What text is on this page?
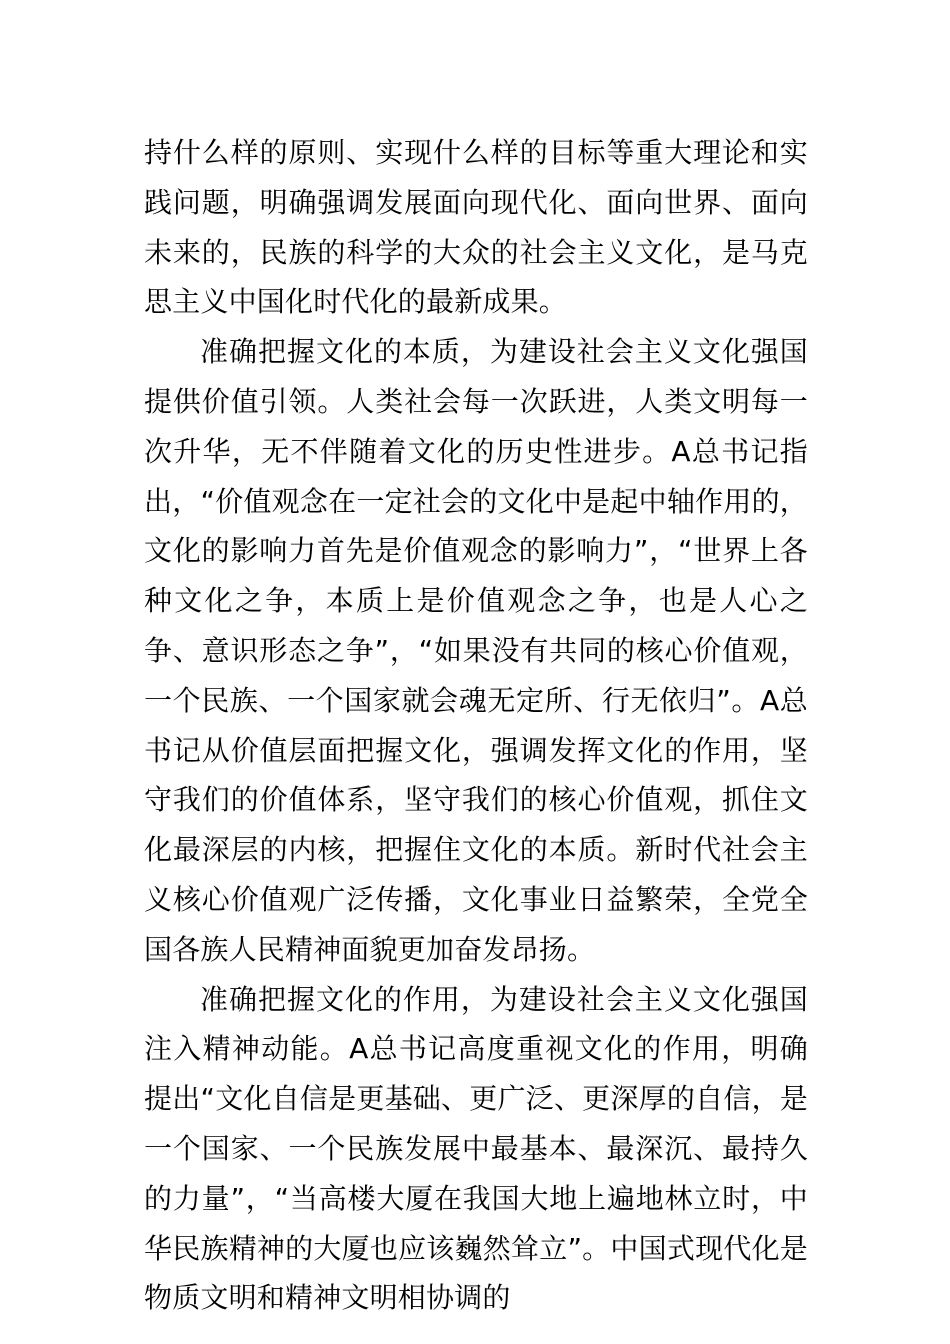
持什么样的原则、实现什么样的目标等重大理论和实践问题，明确强调发展面向现代化、面向世界、面向未来的，民族的科学的大众的社会主义文化，是马克思主义中国化时代化的最新成果。

准确把握文化的本质，为建设社会主义文化强国提供价值引领。人类社会每一次跃进，人类文明每一次升华，无不伴随着文化的历史性进步。A总书记指出，“价值观念在一定社会的文化中是起中轴作用的，文化的影响力首先是价值观念的影响力”，“世界上各种文化之争，本质上是价值观念之争，也是人心之争、意识形态之争”，“如果没有共同的核心价值观，一个民族、一个国家就会魂无定所、行无依归”。A总书记从价值层面把握文化，强调发挥文化的作用，坚守我们的价值体系，坚守我们的核心价值观，抓住文化最深层的内核，把握住文化的本质。新时代社会主义核心价值观广泛传播，文化事业日益繁荣，全党全国各族人民精神面貌更加奋发昂扬。

准确把握文化的作用，为建设社会主义文化强国注入精神动能。A总书记高度重视文化的作用，明确提出“文化自信是更基础、更广泛、更深厚的自信，是一个国家、一个民族发展中最基本、最深沉、最持久的力量”，“当高楼大厦在我国大地上遍地林立时，中华民族精神的大厦也应该巍然耸立”。中国式现代化是物质文明和精神文明相协调的
